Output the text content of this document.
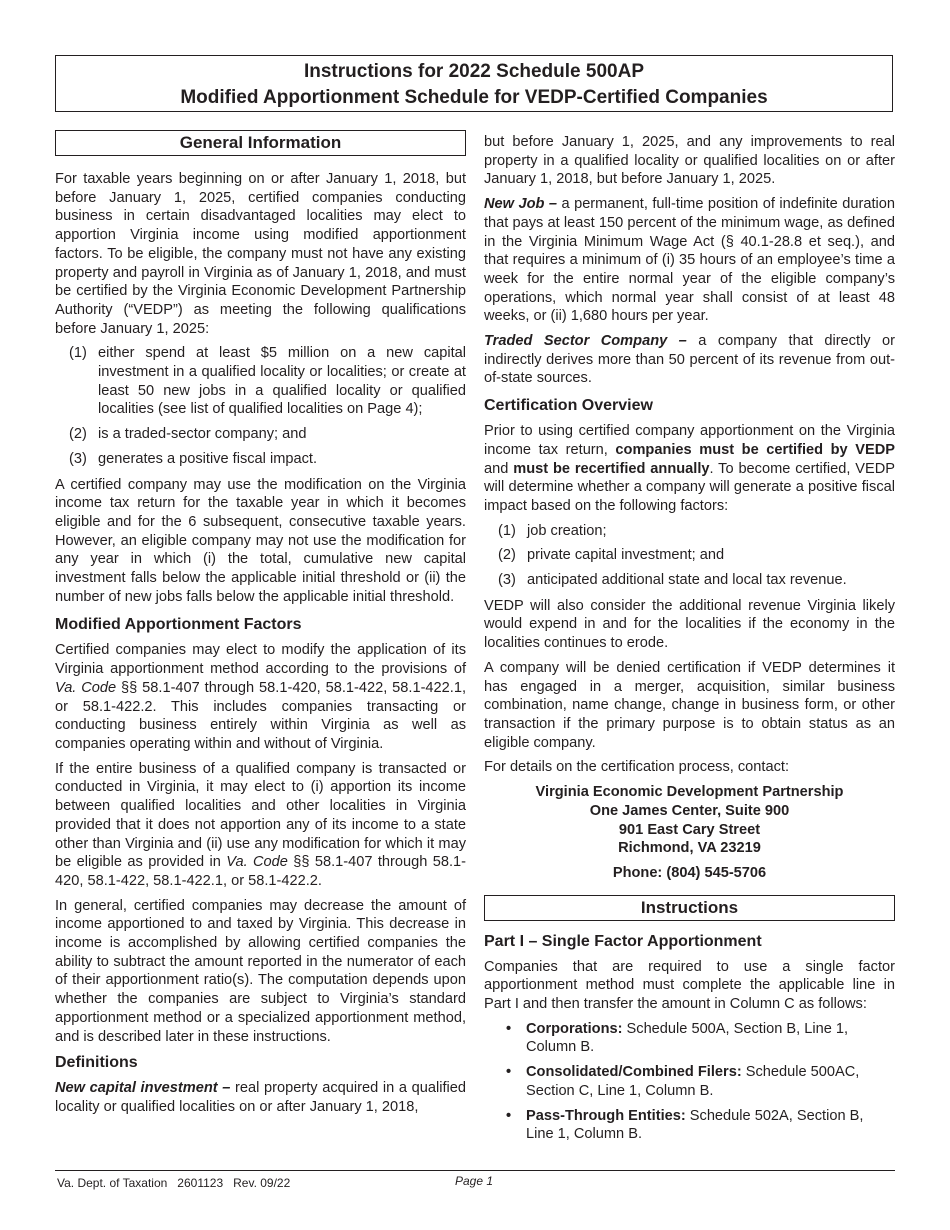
Instructions for 2022 Schedule 500AP
Modified Apportionment Schedule for VEDP-Certified Companies
General Information

For taxable years beginning on or after January 1, 2018, but before January 1, 2025, certified companies conducting business in certain disadvantaged localities may elect to apportion Virginia income using modified apportionment factors. To be eligible, the company must not have any existing property and payroll in Virginia as of January 1, 2018, and must be certified by the Virginia Economic Development Partnership Authority (“VEDP”) as meeting the following qualifications before January 1, 2025:

(1) either spend at least $5 million on a new capital investment in a qualified locality or localities; or create at least 50 new jobs in a qualified locality or qualified localities (see list of qualified localities on Page 4);
(2) is a traded-sector company; and
(3) generates a positive fiscal impact.

A certified company may use the modification on the Virginia income tax return for the taxable year in which it becomes eligible and for the 6 subsequent, consecutive taxable years. However, an eligible company may not use the modification for any year in which (i) the total, cumulative new capital investment falls below the applicable initial threshold or (ii) the number of new jobs falls below the applicable initial threshold.

Modified Apportionment Factors

Certified companies may elect to modify the application of its Virginia apportionment method according to the provisions of Va. Code §§ 58.1-407 through 58.1-420, 58.1-422, 58.1-422.1, or 58.1-422.2. This includes companies transacting or conducting business entirely within Virginia as well as companies operating within and without of Virginia.

If the entire business of a qualified company is transacted or conducted in Virginia, it may elect to (i) apportion its income between qualified localities and other localities in Virginia provided that it does not apportion any of its income to a state other than Virginia and (ii) use any modification for which it may be eligible as provided in Va. Code §§ 58.1-407 through 58.1-420, 58.1-422, 58.1-422.1, or 58.1-422.2.

In general, certified companies may decrease the amount of income apportioned to and taxed by Virginia. This decrease in income is accomplished by allowing certified companies the ability to subtract the amount reported in the numerator of each of their apportionment ratio(s). The computation depends upon whether the companies are subject to Virginia’s standard apportionment method or a specialized apportionment method, and is described later in these instructions.

Definitions

New capital investment – real property acquired in a qualified locality or qualified localities on or after January 1, 2018,

but before January 1, 2025, and any improvements to real property in a qualified locality or qualified localities on or after January 1, 2018, but before January 1, 2025.

New Job – a permanent, full-time position of indefinite duration that pays at least 150 percent of the minimum wage, as defined in the Virginia Minimum Wage Act (§ 40.1-28.8 et seq.), and that requires a minimum of (i) 35 hours of an employee’s time a week for the entire normal year of the eligible company’s operations, which normal year shall consist of at least 48 weeks, or (ii) 1,680 hours per year.

Traded Sector Company – a company that directly or indirectly derives more than 50 percent of its revenue from out-of-state sources.

Certification Overview

Prior to using certified company apportionment on the Virginia income tax return, companies must be certified by VEDP and must be recertified annually. To become certified, VEDP will determine whether a company will generate a positive fiscal impact based on the following factors:

(1) job creation;
(2) private capital investment; and
(3) anticipated additional state and local tax revenue.

VEDP will also consider the additional revenue Virginia likely would expend in and for the localities if the economy in the localities continues to erode.

A company will be denied certification if VEDP determines it has engaged in a merger, acquisition, similar business combination, name change, change in business form, or other transaction if the primary purpose is to obtain status as an eligible company.

For details on the certification process, contact:

Virginia Economic Development Partnership
One James Center, Suite 900
901 East Cary Street
Richmond, VA 23219
Phone: (804) 545-5706
Instructions
Part I – Single Factor Apportionment

Companies that are required to use a single factor apportionment method must complete the applicable line in Part I and then transfer the amount in Column C as follows:

• Corporations: Schedule 500A, Section B, Line 1, Column B.
• Consolidated/Combined Filers: Schedule 500AC, Section C, Line 1, Column B.
• Pass-Through Entities: Schedule 502A, Section B, Line 1, Column B.
Va. Dept. of Taxation   2601123   Rev. 09/22	Page 1
